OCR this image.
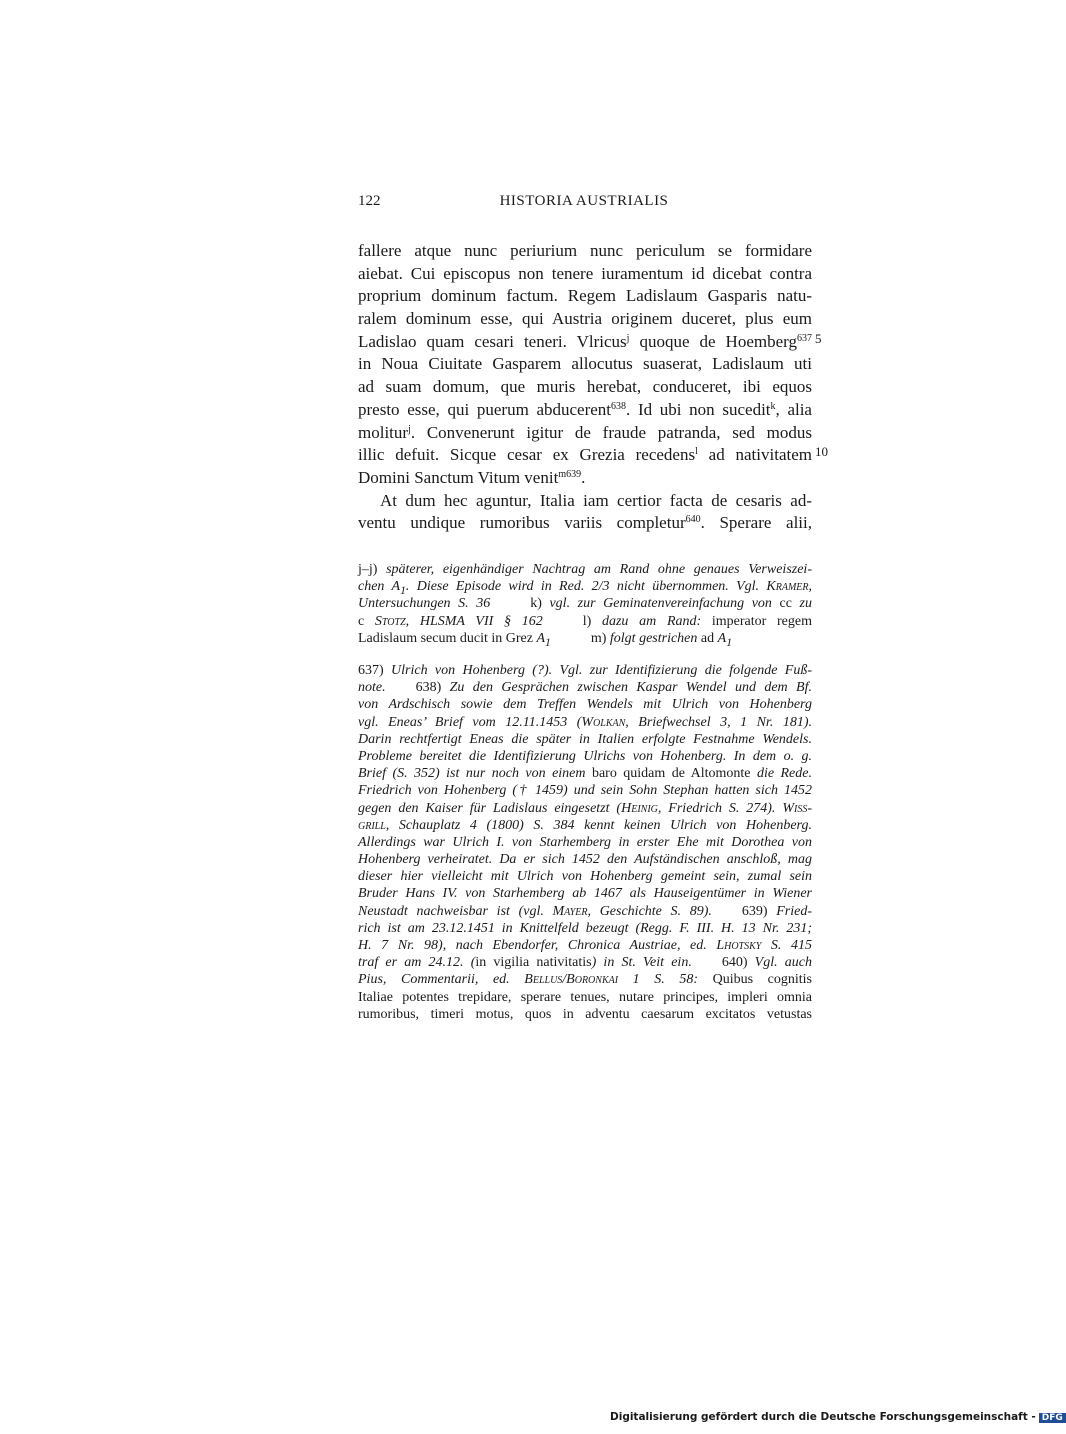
122	HISTORIA AUSTRIALIS
fallere atque nunc periurium nunc periculum se formidare
aiebat. Cui episcopus non tenere iuramentum id dicebat contra
proprium dominum factum. Regem Ladislaum Gasparis natu-
ralem dominum esse, qui Austria originem duceret, plus eum
Ladislao quam cesari teneri. Vlricus$^j$ quoque de Hoemberg$^{637}$
in Noua Ciuitate Gasparem allocutus suaserat, Ladislaum uti
ad suam domum, que muris herebat, conduceret, ibi equos
presto esse, qui puerum abducerent$^{638}$. Id ubi non sucedit$^k$, alia
molitur$^j$. Convenerunt igitur de fraude patranda, sed modus
illic defuit. Sicque cesar ex Grezia recedens$^l$ ad nativitatem
Domini Sanctum Vitum venit$^{m639}$.
At dum hec aguntur, Italia iam certior facta de cesaris ad-
ventu undique rumoribus variis completur$^{640}$. Sperare alii,
5
10
j–j) späterer, eigenhändiger Nachtrag am Rand ohne genaues Verweiszei-
chen $A_1$. Diese Episode wird in Red. 2/3 nicht übernommen. Vgl. Kramer,
Untersuchungen S. 36	k) vgl. zur Geminatenvereinfachung von cc zu
c Stotz, HLSMA VII § 162	l) dazu am Rand: imperator regem
Ladislaum secum ducit in Grez $A_1$	m) folgt gestrichen ad $A_1$
637) Ulrich von Hohenberg (?). Vgl. zur Identifizierung die folgende Fuß-
note. 638) Zu den Gesprächen zwischen Kaspar Wendel und dem Bf.
von Ardschisch sowie dem Treffen Wendels mit Ulrich von Hohenberg
vgl. Eneas’ Brief vom 12.11.1453 (Wolkan, Briefwechsel 3, 1 Nr. 181).
Darin rechtfertigt Eneas die später in Italien erfolgte Festnahme Wendels.
Probleme bereitet die Identifizierung Ulrichs von Hohenberg. In dem o. g.
Brief (S. 352) ist nur noch von einem baro quidam de Altomonte die Rede.
Friedrich von Hohenberg († 1459) und sein Sohn Stephan hatten sich 1452
gegen den Kaiser für Ladislaus eingesetzt (Heinig, Friedrich S. 274). Wiß-
grill, Schauplatz 4 (1800) S. 384 kennt keinen Ulrich von Hohenberg.
Allerdings war Ulrich I. von Starhemberg in erster Ehe mit Dorothea von
Hohenberg verheiratet. Da er sich 1452 den Aufständischen anschloß, mag
dieser hier vielleicht mit Ulrich von Hohenberg gemeint sein, zumal sein
Bruder Hans IV. von Starhemberg ab 1467 als Hauseigentümer in Wiener
Neustadt nachweisbar ist (vgl. Mayer, Geschichte S. 89). 639) Fried-
rich ist am 23.12.1451 in Knittelfeld bezeugt (Regg. F. III. H. 13 Nr. 231;
H. 7 Nr. 98), nach Ebendorfer, Chronica Austriae, ed. Lhotsky S. 415
traf er am 24.12. (in vigilia nativitatis) in St. Veit ein. 640) Vgl. auch
Pius, Commentarii, ed. Bellus/Boronkai 1 S. 58: Quibus cognitis
Italiae potentes trepidare, sperare tenues, nutare principes, impleri omnia
rumoribus, timeri motus, quos in adventu caesarum excitatos vetustas
Digitalisierung gefördert durch die Deutsche Forschungsgemeinschaft - DFG
